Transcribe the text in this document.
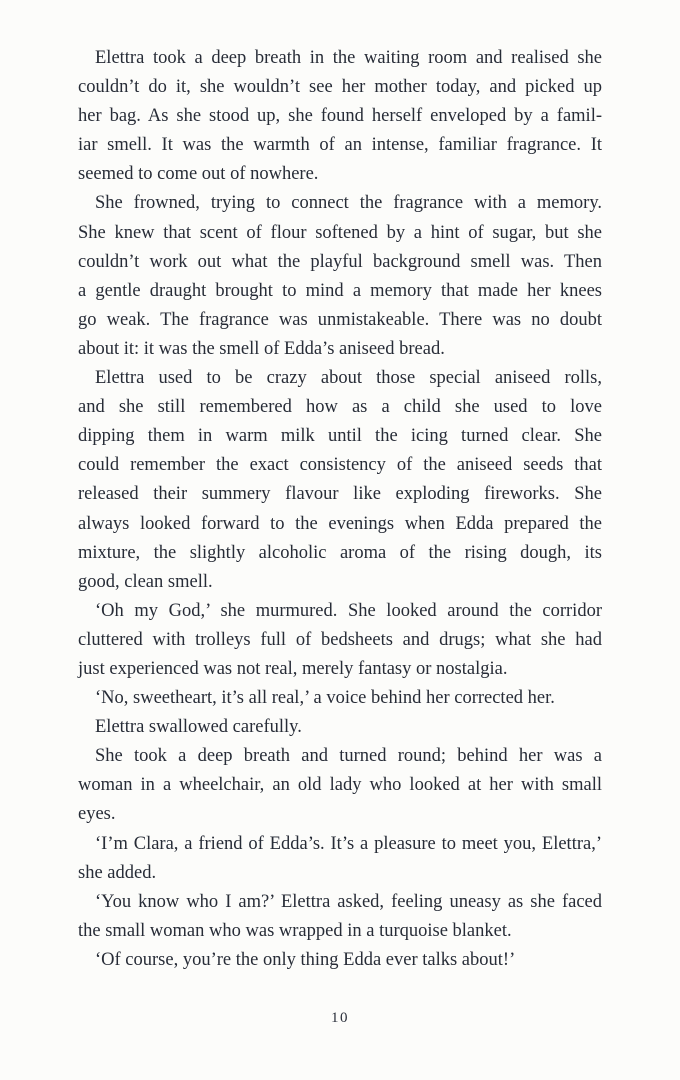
Elettra took a deep breath in the waiting room and realised she
couldn’t do it, she wouldn’t see her mother today, and picked up
her bag. As she stood up, she found herself enveloped by a famil-
iar smell. It was the warmth of an intense, familiar fragrance. It
seemed to come out of nowhere.
She frowned, trying to connect the fragrance with a memory.
She knew that scent of flour softened by a hint of sugar, but she
couldn’t work out what the playful background smell was. Then
a gentle draught brought to mind a memory that made her knees
go weak. The fragrance was unmistakeable. There was no doubt
about it: it was the smell of Edda’s aniseed bread.
Elettra used to be crazy about those special aniseed rolls,
and she still remembered how as a child she used to love
dipping them in warm milk until the icing turned clear. She
could remember the exact consistency of the aniseed seeds that
released their summery flavour like exploding fireworks. She
always looked forward to the evenings when Edda prepared the
mixture, the slightly alcoholic aroma of the rising dough, its
good, clean smell.
‘Oh my God,’ she murmured. She looked around the corridor
cluttered with trolleys full of bedsheets and drugs; what she had
just experienced was not real, merely fantasy or nostalgia.
‘No, sweetheart, it’s all real,’ a voice behind her corrected her.
Elettra swallowed carefully.
She took a deep breath and turned round; behind her was a
woman in a wheelchair, an old lady who looked at her with small
eyes.
‘I’m Clara, a friend of Edda’s. It’s a pleasure to meet you, Elettra,’
she added.
‘You know who I am?’ Elettra asked, feeling uneasy as she faced
the small woman who was wrapped in a turquoise blanket.
‘Of course, you’re the only thing Edda ever talks about!’
10
